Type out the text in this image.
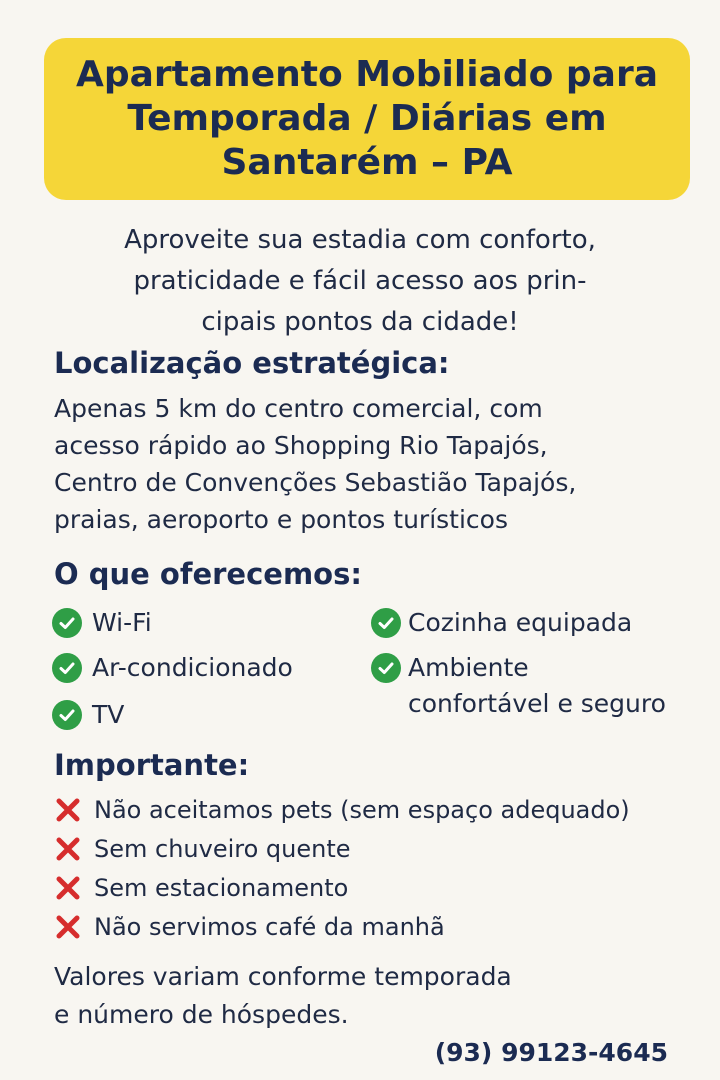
Apartamento Mobiliado para
Temporada / Diárias em
Santarém – PA
Aproveite sua estadia com conforto,
praticidade e fácil acesso aos prin-
cipais pontos da cidade!
Localização estratégica:
Apenas 5 km do centro comercial, com
acesso rápido ao Shopping Rio Tapajós,
Centro de Convenções Sebastião Tapajós,
praias, aeroporto e pontos turísticos
O que oferecemos:
Wi-Fi
Ar-condicionado
TV
Cozinha equipada
Ambiente
confortável e seguro
Importante:
Não aceitamos pets (sem espaço adequado)
Sem chuveiro quente
Sem estacionamento
Não servimos café da manhã
Valores variam conforme temporada
e número de hóspedes.
(93) 99123-4645
